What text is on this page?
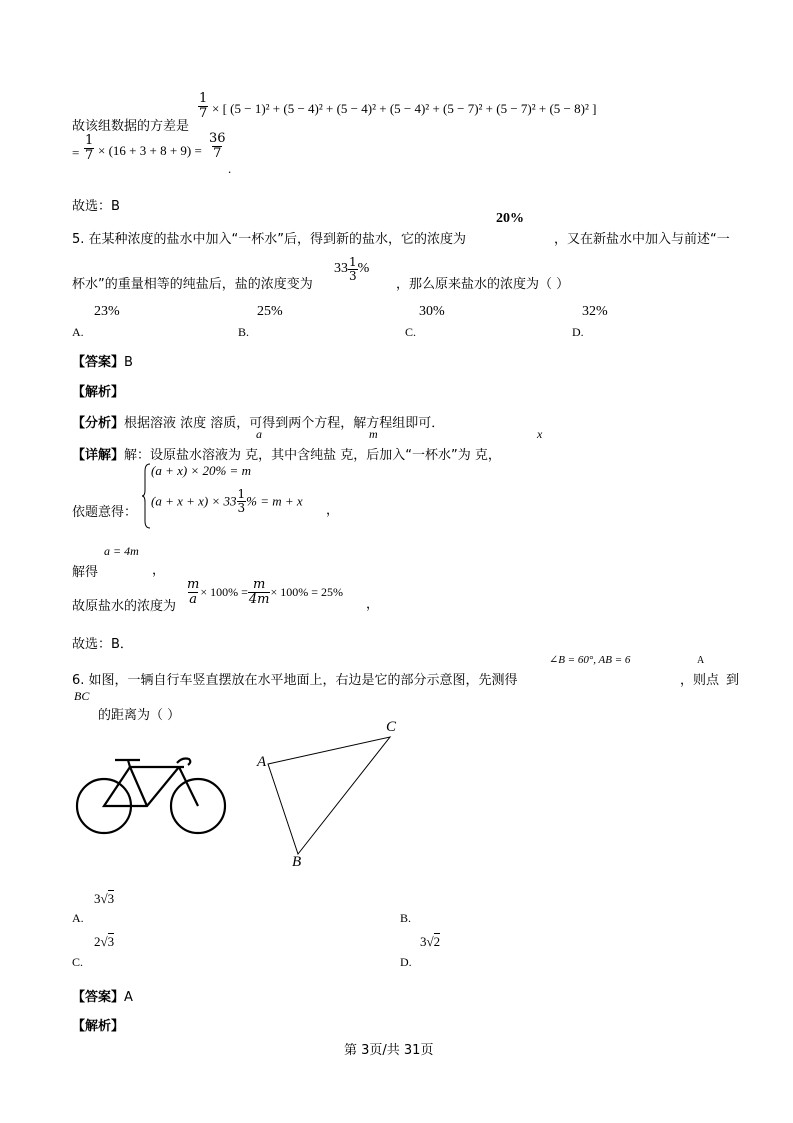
故该组数据的方差是
$\frac{1}{7}$ × [ (5 − 1)² + (5 − 4)² + (5 − 4)² + (5 − 4)² + (5 − 7)² + (5 − 7)² + (5 − 8)² ]
= $\frac{1}{7} \times (16 + 3 + 8 + 9) = \frac{36}{7}$
.
故选：B
20%
5. 在某种浓度的盐水中加入“一杯水”后，得到新的盐水，它的浓度为	，又在新盐水中加入与前述“一
$33 \frac{1}{3}$ %
杯水”的重量相等的纯盐后，盐的浓度变为	，那么原来盐水的浓度为（ ）
23%
A.
25%
B.
30%
C.
32%
D.
【答案】B
【解析】
【分析】根据溶液 浓度 溶质，可得到两个方程，解方程组即可．
a	m	x
【详解】解：设原盐水溶液为 克，其中含纯盐 克，后加入“一杯水”为 克，
依题意得：
(a + x) × 20% = m
$(a + x + x) \times 33 \frac{1}{3}$ % = m + x
，
a = 4m
解得	，
故原盐水的浓度为
$\frac{m}{a} \times 100\% = \frac{m}{4m} \times 100\% = 25\%$
，
故选：B．
∠B = 60°, AB = 6	A
6. 如图，一辆自行车竖直摆放在水平地面上，右边是它的部分示意图，先测得	，则点 到
BC
的距离为（ ）
A
C
B
3√3
A.	B.
2√3
C.
3√2
D.
【答案】A
【解析】
第 3页/共 31页
